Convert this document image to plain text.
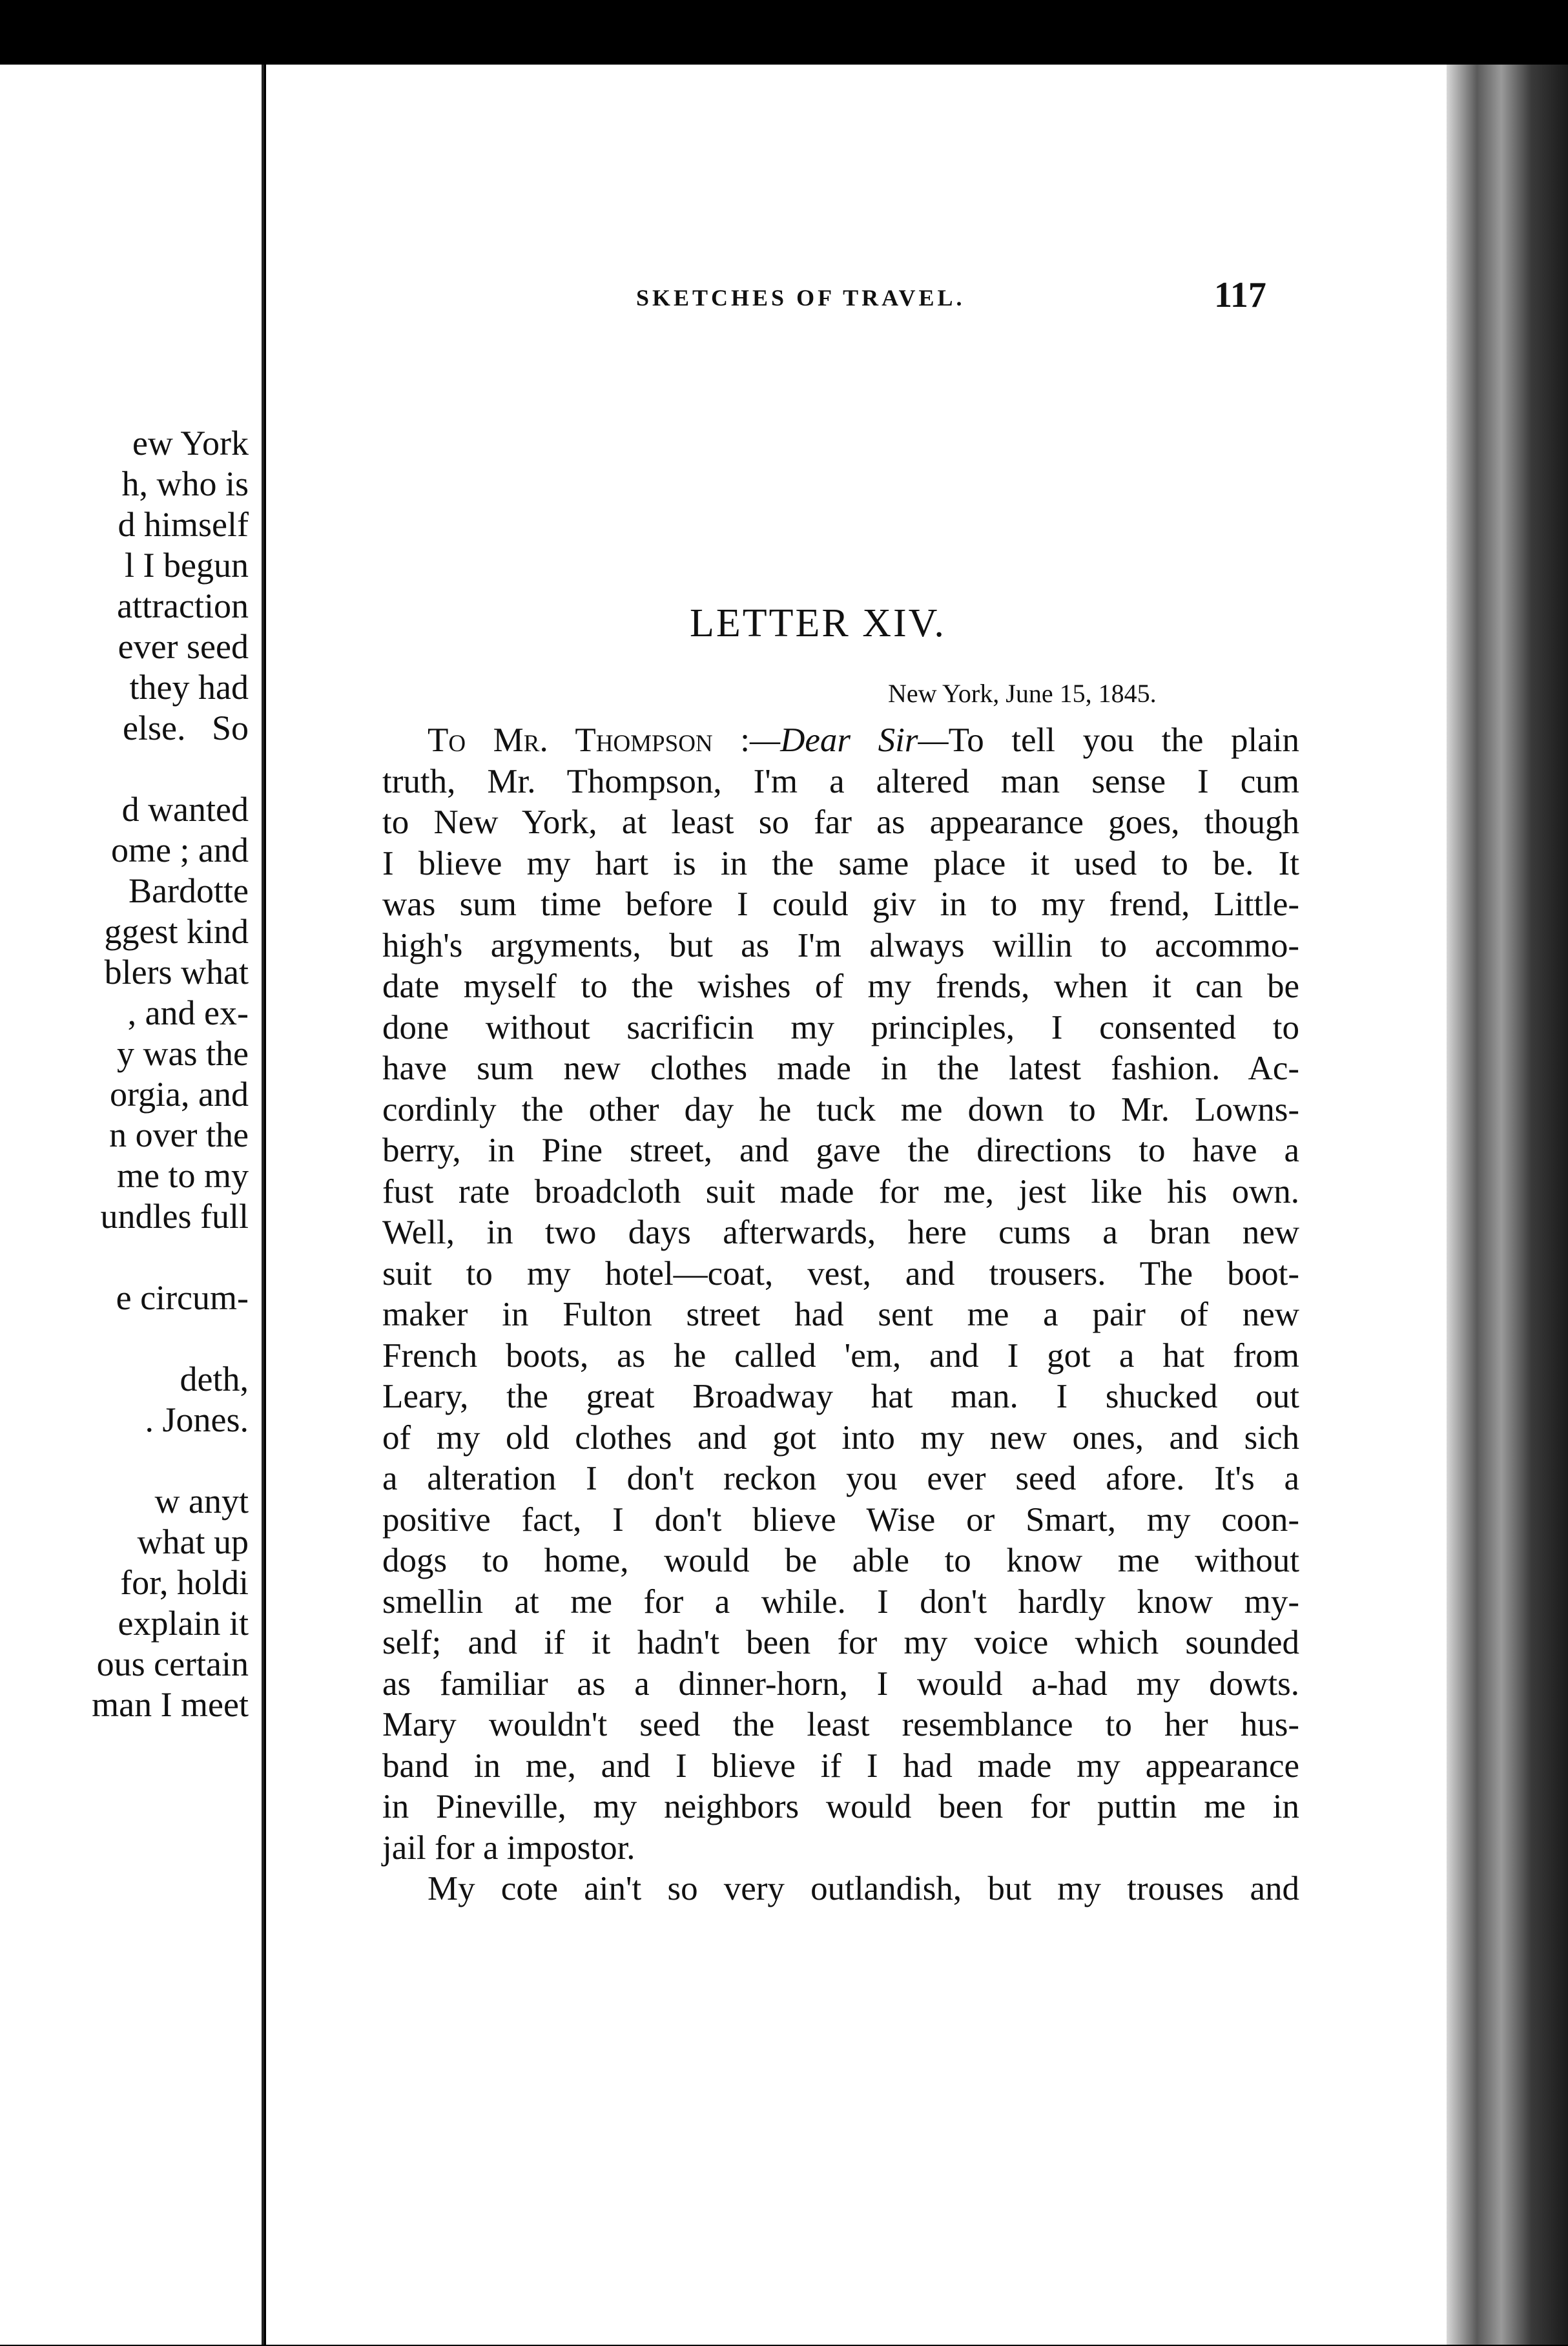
ew York
h, who is
d himself
l I begun
attraction
ever seed
they had
else.   So

d wanted
ome ; and
Bardotte
ggest kind
blers what
, and ex-
y was the
orgia, and
n over the
me to my
undles full

e circum-

deth,
. Jones.

w anyt
what up
for, holdi
explain it
ous certain
man I meet
SKETCHES OF TRAVEL.	117
LETTER XIV.
New York, June 15, 1845.
To Mr. Thompson :—Dear Sir—To tell you the plain
truth, Mr. Thompson, I'm a altered man sense I cum
to New York, at least so far as appearance goes, though
I blieve my hart is in the same place it used to be. It
was sum time before I could giv in to my frend, Little-
high's argyments, but as I'm always willin to accommo-
date myself to the wishes of my frends, when it can be
done without sacrificin my principles, I consented to
have sum new clothes made in the latest fashion. Ac-
cordinly the other day he tuck me down to Mr. Lowns-
berry, in Pine street, and gave the directions to have a
fust rate broadcloth suit made for me, jest like his own.
Well, in two days afterwards, here cums a bran new
suit to my hotel—coat, vest, and trousers. The boot-
maker in Fulton street had sent me a pair of new
French boots, as he called 'em, and I got a hat from
Leary, the great Broadway hat man. I shucked out
of my old clothes and got into my new ones, and sich
a alteration I don't reckon you ever seed afore. It's a
positive fact, I don't blieve Wise or Smart, my coon-
dogs to home, would be able to know me without
smellin at me for a while. I don't hardly know my-
self; and if it hadn't been for my voice which sounded
as familiar as a dinner-horn, I would a-had my dowts.
Mary wouldn't seed the least resemblance to her hus-
band in me, and I blieve if I had made my appearance
in Pineville, my neighbors would been for puttin me in
jail for a impostor.
My cote ain't so very outlandish, but my trouses and
